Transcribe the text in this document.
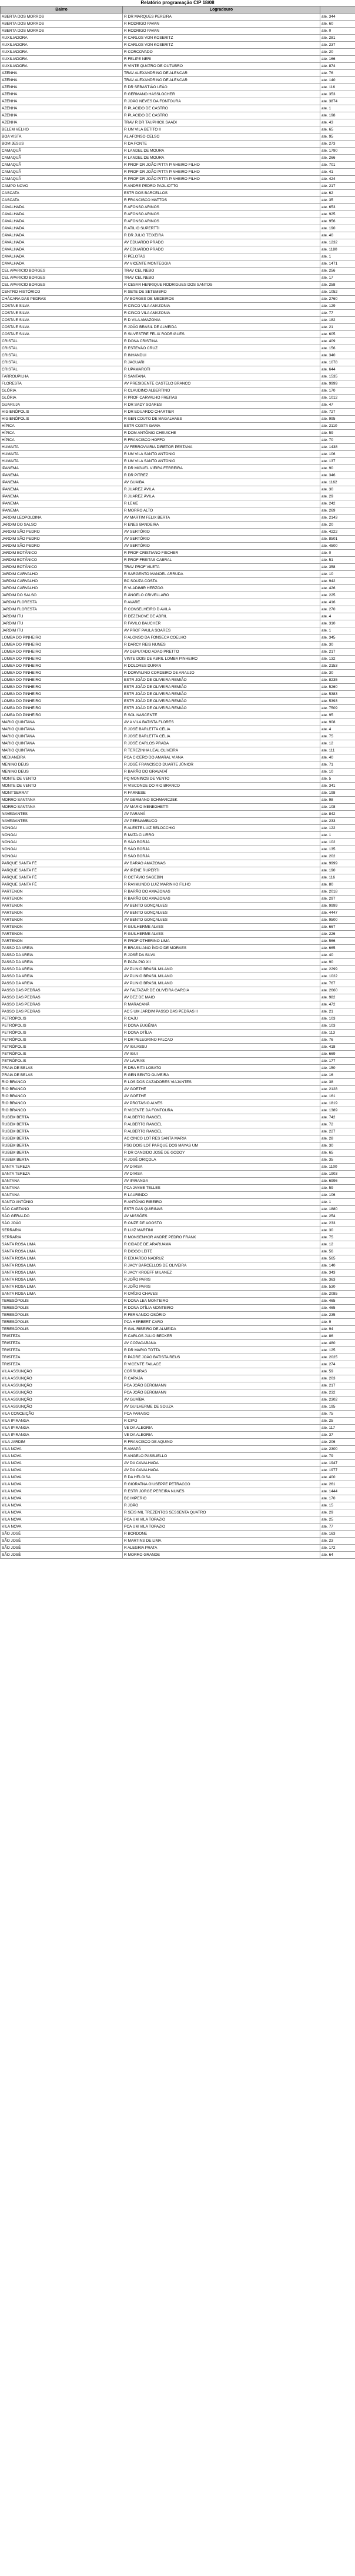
Relatório programação CIP 18/08
Bairro	Logradouro	
ABERTA DOS MORROS	R DR MARQUES PEREIRA	ate. 344
ABERTA DOS MORROS	R RODRIGO PAVAN	ate. 60
ABERTA DOS MORROS	R RODRIGO PAVAN	ate. 0
AUXILIADORA	R CARLOS VON KOSERITZ	ate. 281
AUXILIADORA	R CARLOS VON KOSERITZ	ate. 237
AUXILIADORA	R CORCOVADO	ate. 20
AUXILIADORA	R FELIPE NERI	ate. 166
AUXILIADORA	R VINTE QUATRO DE OUTUBRO	ate. 874
AZENHA	TRAV ALEXANDRINO DE ALENCAR	ate. 76
AZENHA	TRAV ALEXANDRINO DE ALENCAR	ate. 140
AZENHA	R DR SEBASTIÃO LEÃO	ate. 116
AZENHA	R GERMANO HASSLOCHER	ate. 353
AZENHA	R JOÃO NEVES DA FONTOURA	ate. 3874
AZENHA	R PLACIDO DE CASTRO	ate. 1
AZENHA	R PLACIDO DE CASTRO	ate. 198
AZENHA	TRAV R DR TAUPHICK SAADI	ate. 43
BELEM VELHO	R UM VILA BETITO II	ate. 65
BOA VISTA	AL AFONSO CELSO	ate. 95
BOM JESUS	R DA FONTE	ate. 273
CAMAQUÃ	R LANDEL DE MOURA	ate. 1790
CAMAQUÃ	R LANDEL DE MOURA	ate. 266
CAMAQUÃ	R PROF DR JOÃO PITTA PINHEIRO FILHO	ate. 701
CAMAQUÃ	R PROF DR JOÃO PITTA PINHEIRO FILHO	ate. 41
CAMAQUÃ	R PROF DR JOÃO PITTA PINHEIRO FILHO	ate. 424
CAMPO NOVO	R ANDRE PEDRO PAGLIOTTO	ate. 217
CASCATA	ESTR DOS BARCELLOS	ate. 62
CASCATA	R FRANCISCO MATTOS	ate. 35
CAVALHADA	R AFONSO ARINOS	ate. 653
CAVALHADA	R AFONSO ARINOS	ate. 925
CAVALHADA	R AFONSO ARINOS	ate. 956
CAVALHADA	R ATILIO SUPERTTI	ate. 190
CAVALHADA	R DR JULIO TEIXEIRA	ate. 40
CAVALHADA	AV EDUARDO PRADO	ate. 1232
CAVALHADA	AV EDUARDO PRADO	ate. 1180
CAVALHADA	R PELOTAS	ate. 1
CAVALHADA	AV VICENTE MONTEGGIA	ate. 1471
CEL APARICIO BORGES	TRAV CEL NEBO	ate. 256
CEL APARICIO BORGES	TRAV CEL NEBO	ate. 17
CEL APARICIO BORGES	R CESAR HENRIQUE RODRIGUES DOS SANTOS	ate. 258
CENTRO HISTÓRICO	R SETE DE SETEMBRO	ate. 1052
CHÁCARA DAS PEDRAS	AV BORGES DE MEDEIROS	ate. 2760
COSTA E SILVA	R CINCO VILA AMAZONIA	ate. 129
COSTA E SILVA	R CINCO VILA AMAZONIA	ate. 77
COSTA E SILVA	R D VILA AMAZONIA	ate. 182
COSTA E SILVA	R JOÃO BRASIL DE ALMEIDA	ate. 21
COSTA E SILVA	R SILVESTRE FELIX RODRIGUES	ate. 605
CRISTAL	R DONA CRISTINA	ate. 409
CRISTAL	R ESTEVÃO CRUZ	ate. 156
CRISTAL	R INHANDUI	ate. 340
CRISTAL	R JAGUARI	ate. 1078
CRISTAL	R UPAMAROTI	ate. 644
FARROUPILHA	R SANTANA	ate. 1535
FLORESTA	AV PRESIDENTE CASTELO BRANCO	ate. 9999
GLÓRIA	R CLAUDINO ALBERTINO	ate. 170
GLÓRIA	R PROF CARVALHO FREITAS	ate. 1012
GUARUJA	R DR SADY SOARES	ate. 47
HIGIENÓPOLIS	R DR EDUARDO CHARTIER	ate. 727
HIGIENÓPOLIS	R GEN COUTO DE MAGALHAES	ate. 995
HÍPICA	ESTR COSTA GAMA	ate. 2110
HÍPICA	R DOM ANTÔNIO CHEUICHE	ate. 59
HÍPICA	R FRANCISCO HOFFO	ate. 70
HUMAITA	AV FERROVIARIA DIRETOR PESTANA	ate. 1438
HUMAITA	R UM VILA SANTO ANTONIO	ate. 106
HUMAITA	R UM VILA SANTO ANTONIO	ate. 137
IPANEMA	R DR MIGUEL VIEIRA FERREIRA	ate. 90
IPANEMA	R DR PITREZ	ate. 346
IPANEMA	AV GUAIBA	ate. 1162
IPANEMA	R JUAREZ ÁVILA	ate. 30
IPANEMA	R JUAREZ ÁVILA	ate. 29
IPANEMA	R LEME	ate. 242
IPANEMA	R MORRO ALTO	ate. 269
JARDIM LEOPOLDINA	AV MARTIM FELIX BERTA	ate. 2143
JARDIM DO SALSO	R ENES BANDEIRA	ate. 20
JARDIM SÃO PEDRO	AV SERTÓRIO	ate. 4222
JARDIM SÃO PEDRO	AV SERTÓRIO	ate. 8501
JARDIM SÃO PEDRO	AV SERTÓRIO	ate. 4500
JARDIM BOTÂNICO	R PROF CRISTIANO FISCHER	ate. 0
JARDIM BOTÂNICO	R PROF FREITAS CABRAL	ate. 51
JARDIM BOTÂNICO	TRAV PROF VILETA	ate. 358
JARDIM CARVALHO	R SARGENTO MANOEL ARRUDA	ate. 10
JARDIM CARVALHO	BC SOUZA COSTA	ate. 942
JARDIM CARVALHO	R VLADIMIR HERZOG	ate. 426
JARDIM DO SALSO	R ÂNGELO CRIVELLARO	ate. 225
JARDIM FLORESTA	R AVARE	ate. 416
JARDIM FLORESTA	R CONSELHEIRO D AVILA	ate. 270
JARDIM ITU	R DEZENOVE DE ABRIL	ate. 4
JARDIM ITU	R FAVILO BAUCHER	ate. 310
JARDIM ITU	AV PROF PAULA SOARES	ate. 1
LOMBA DO PINHEIRO	R ALONSO DA FONSECA COELHO	ate. 345
LOMBA DO PINHEIRO	R DARCY REIS NUNES	ate. 30
LOMBA DO PINHEIRO	AV DEPUTADO ADAO PRETTO	ate. 217
LOMBA DO PINHEIRO	VINTE DOIS DE ABRIL LOMBA PINHEIRO	ate. 132
LOMBA DO PINHEIRO	R DOLORES DURAN	ate. 2153
LOMBA DO PINHEIRO	R DORVALINO CORDEIRO DE ARAUJO	ate. 30
LOMBA DO PINHEIRO	ESTR JOÃO DE OLIVEIRA REMIÃO	ate. 8235
LOMBA DO PINHEIRO	ESTR JOÃO DE OLIVEIRA REMIÃO	ate. 5260
LOMBA DO PINHEIRO	ESTR JOÃO DE OLIVEIRA REMIÃO	ate. 5383
LOMBA DO PINHEIRO	ESTR JOÃO DE OLIVEIRA REMIÃO	ate. 5393
LOMBA DO PINHEIRO	ESTR JOÃO DE OLIVEIRA REMIÃO	ate. 7509
LOMBA DO PINHEIRO	R SOL NASCENTE	ate. 95
MARIO QUINTANA	AV A VILA BATISTA FLORES	ate. 908
MARIO QUINTANA	R JOSÉ BARLETTA CÉLIA	ate. 4
MARIO QUINTANA	R JOSÉ BARLETTA CÉLIA	ate. 75
MARIO QUINTANA	R JOSÉ CARLOS PRADA	ate. 12
MARIO QUINTANA	R TEREZINHA LEAL OLIVEIRA	ate. 111
MEDIANEIRA	PCA CICERO DO AMARAL VIANA	ate. 40
MENINO DEUS	R JOSÉ FRANCISCO DUARTE JÚNIOR	ate. 71
MENINO DEUS	R BARÃO DO GRAVATAÍ	ate. 10
MONTE DE VENTO	PQ MONINOS DE VENTO	ate. 5
MONTE DE VENTO	R VISCONDE DO RIO BRANCO	ate. 341
MONT'SERRAT	R FARNESE	ate. 198
MORRO SANTANA	AV GERMANO SCHMARCZEK	ate. 98
MORRO SANTANA	AV MARIO MENEGHETTI	ate. 108
NAVEGANTES	AV PARANÁ	ate. 842
NAVEGANTES	AV PERNAMBUCO	ate. 233
NONOAI	R ALESTE LUIZ BELOCCHIO	ate. 122
NONOAI	R MATA CILIRRO	ate. 1
NONOAI	R SÃO BORJA	ate. 102
NONOAI	R SÃO BORJA	ate. 135
NONOAI	R SÃO BORJA	ate. 202
PARQUE SANTA FÉ	AV BARÃO AMAZONAS	ate. 9999
PARQUE SANTA FÉ	AV IRENE RUPERTI	ate. 190
PARQUE SANTA FÉ	R OCTÁVIO SAGEBIN	ate. 116
PARQUE SANTA FÉ	R RAYMUNDO LUIZ MARINHO FILHO	ate. 80
PARTENON	R BARÃO DO AMAZONAS	ate. 2018
PARTENON	R BARÃO DO AMAZONAS	ate. 297
PARTENON	AV BENTO GONÇALVES	ate. 9999
PARTENON	AV BENTO GONÇALVES	ate. 4447
PARTENON	AV BENTO GONÇALVES	ate. 9500
PARTENON	R GUILHERME ALVES	ate. 667
PARTENON	R GUILHERME ALVES	ate. 226
PARTENON	R PROF OTHERINO LIMA	ate. 566
PASSO DA AREIA	R BRASILIANO ÍNDIO DE MORAES	ate. 665
PASSO DA AREIA	R JOSÉ DA SILVA	ate. 40
PASSO DA AREIA	R PAPA PIO XII	ate. 90
PASSO DA AREIA	AV PLINIO BRASIL MILANO	ate. 2299
PASSO DA AREIA	AV PLINIO BRASIL MILANO	ate. 1022
PASSO DA AREIA	AV PLINIO BRASIL MILANO	ate. 767
PASSO DAS PEDRAS	AV FALTAZAR DE OLIVEIRA GARCIA	ate. 2660
PASSO DAS PEDRAS	AV DEZ DE MAIO	ate. 982
PASSO DAS PEDRAS	R MARACANÃ	ate. 472
PASSO DAS PEDRAS	AC 5 UM JARDIM PASSO DAS PEDRAS II	ate. 21
PETRÓPOLIS	R CAJU	ate. 103
PETRÓPOLIS	R DONA EUGÊNIA	ate. 103
PETRÓPOLIS	R DONA OTÍLIA	ate. 113
PETRÓPOLIS	R DR PELEGRINO FALCAO	ate. 76
PETRÓPOLIS	AV IGUASSU	ate. 418
PETRÓPOLIS	AV IGUI	ate. 669
PETRÓPOLIS	AV LAVRAS	ate. 177
PRAIA DE BELAS	R DRA RITA LOBATO	ate. 150
PRAIA DE BELAS	R GEN BENTO OLIVEIRA	ate. 16
RIO BRANCO	R LOS DOS CAZADORES VIAJANTES	ate. 38
RIO BRANCO	AV GOETHE	ate. 2128
RIO BRANCO	AV GOETHE	ate. 161
RIO BRANCO	AV PROTÁSIO ALVES	ate. 1819
RIO BRANCO	R VICENTE DA FONTOURA	ate. 1389
RUBEM BERTA	R ALBERTO RANGEL	ate. 742
RUBEM BERTA	R ALBERTO RANGEL	ate. 72
RUBEM BERTA	R ALBERTO RANGEL	ate. 227
RUBEM BERTA	AC CINCO LOT RES SANTA MARIA	ate. 28
RUBEM BERTA	PSG DOIS LOT PARQUE DOS MAYAS UM	ate. 30
RUBEM BERTA	R DR CANDIDO JOSÉ DE GODOY	ate. 65
RUBEM BERTA	R JOSÉ ORIÇOLA	ate. 35
SANTA TEREZA	AV DIVISA	ate. 1100
SANTA TEREZA	AV DIVISA	ate. 1903
SANTANA	AV IPIRANGA	ate. 6996
SANTANA	PCA JAYME TELLES	ate. 59
SANTANA	R LAURINDO	ate. 106
SANTO ANTÔNIO	R ANTÔNIO RIBEIRO	ate. 1
SÃO CAETANO	ESTR DAS QUIRINAS	ate. 1880
SÃO GERALDO	AV MISSÕES	ate. 254
SÃO JOÃO	R ONZE DE AGOSTO	ate. 233
SERRARIA	R LUIZ MARTINI	ate. 30
SERRARIA	R MONSENHOR ANDRE PEDRO FRANK	ate. 75
SANTA ROSA LIMA	R CIDADE DE ARARUAMA	ate. 12
SANTA ROSA LIMA	R DIOGO LEITE	ate. 56
SANTA ROSA LIMA	R EDUARDO NADRUZ	ate. 565
SANTA ROSA LIMA	R JACY BARCELLOS DE OLIVEIRA	ate. 140
SANTA ROSA LIMA	R JACY KROEFF MILANEZ	ate. 343
SANTA ROSA LIMA	R JOÃO PARIS	ate. 363
SANTA ROSA LIMA	R JOÃO PARIS	ate. 530
SANTA ROSA LIMA	R OVÍDIO CHAVES	ate. 2085
TERESÓPOLIS	R DONA LEA MONTEIRO	ate. 465
TERESÓPOLIS	R DONA OTÍLIA MONTEIRO	ate. 465
TERESÓPOLIS	R FERNANDO OSÓRIO	ate. 235
TERESÓPOLIS	PCA HERBERT CARO	ate. 9
TERESÓPOLIS	R GAL RIBEIRO DE ALMEIDA	ate. 94
TRISTEZA	R CARLOS JULIO BECKER	ate. 86
TRISTEZA	AV COPACABANA	ate. 480
TRISTEZA	R DR MARIO TOTTA	ate. 125
TRISTEZA	R PADRE JOÃO BATISTA REUS	ate. 2025
TRISTEZA	R VICENTE FAILACE	ate. 274
VILA ASSUNÇÃO	CORRUIRAS	ate. 59
VILA ASSUNÇÃO	R CARAJA	ate. 203
VILA ASSUNÇÃO	PCA JOÃO BERGMANN	ate. 217
VILA ASSUNÇÃO	PCA JOÃO BERGMANN	ate. 232
VILA ASSUNÇÃO	AV GUAÍBA	ate. 2302
VILA ASSUNÇÃO	AV GUILHERME DE SOUZA	ate. 195
VILA CONCEIÇÃO	PCA PARAISO	ate. 75
VILA IPIRANGA	R CIPO	ate. 25
VILA IPIRANGA	VE DA ALEGRIA	ate. 117
VILA IPIRANGA	VE DA ALEGRIA	ate. 37
VILA JARDIM	R FRANCISCO DE AQUINO	ate. 206
VILA NOVA	R AMAPÁ	ate. 2300
VILA NOVA	R ANGELO PASSUELLO	ate. 79
VILA NOVA	AV DA CAVALHADA	ate. 1947
VILA NOVA	AV DA CAVALHADA	ate. 1977
VILA NOVA	R DA HELOISA	ate. 400
VILA NOVA	R GIORATNA GIUSEPPE PETRACCO	ate. 261
VILA NOVA	R ESTR JORGE PEREIRA NUNES	ate. 1444
VILA NOVA	BC IMPERIO	ate. 170
VILA NOVA	R JOÃO	ate. 15
VILA NOVA	R SEIS MIL TREZENTOS SESSENTA QUATRO	ate. 29
VILA NOVA	PCA UM VILA TOPAZIO	ate. 25
VILA NOVA	PCA UM VILA TOPAZIO	ate. 77
SÃO JOSÉ	R BORDONE	ate. 163
SÃO JOSÉ	R MARTINS DE LIMA	ate. 23
SÃO JOSÉ	R ALEGRIA PRATA	ate. 172
SÃO JOSÉ	R MORRO GRANDE	ate. 64
